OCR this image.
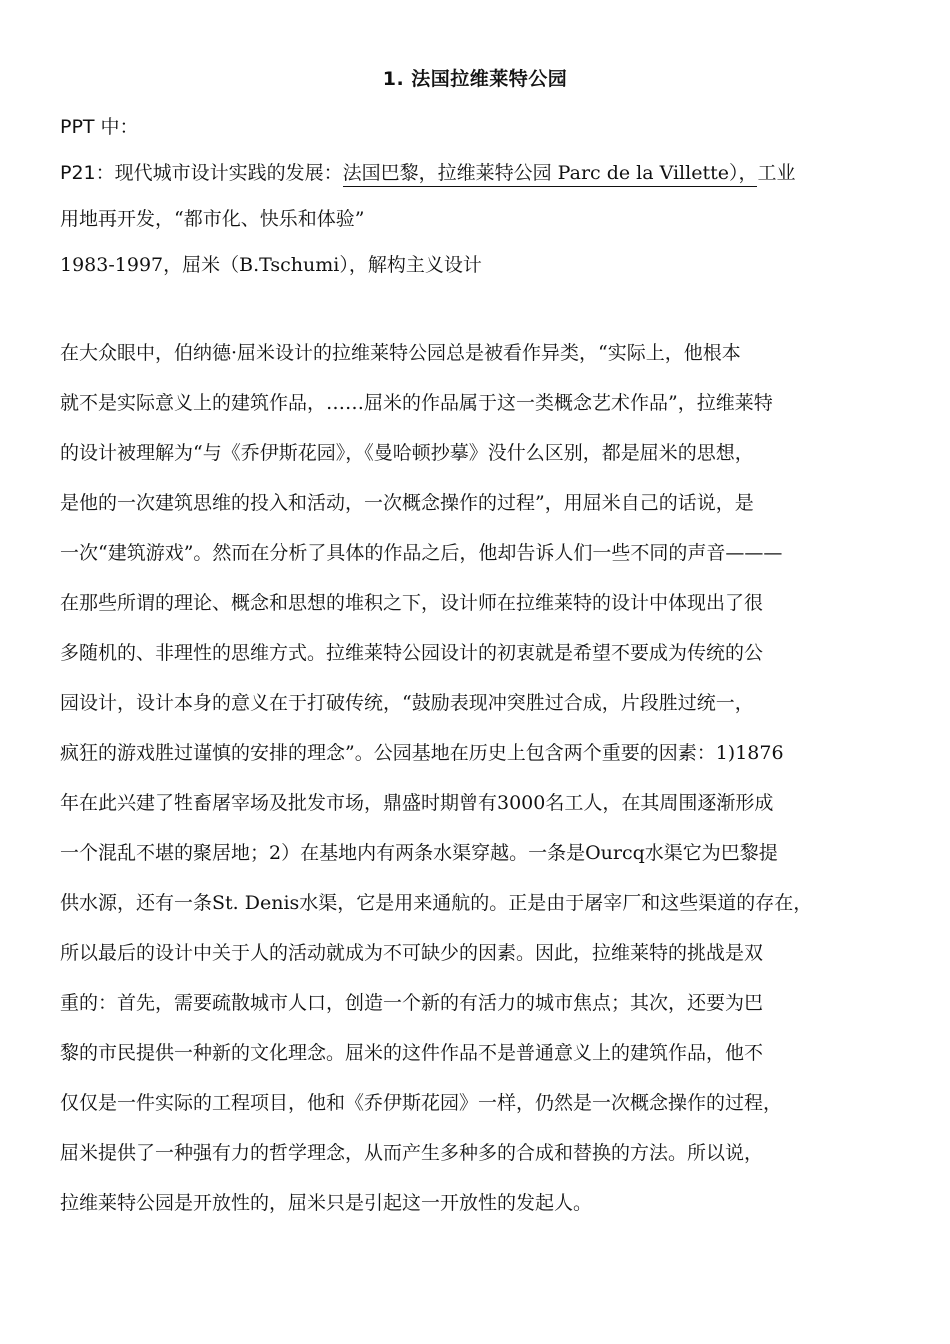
1. 法国拉维莱特公园

PPT 中：

P21：现代城市设计实践的发展：法国巴黎，拉维莱特公园 Parc de la Villette），工业

用地再开发，“都市化、快乐和体验”

1983-1997，屈米（B.Tschumi），解构主义设计

在大众眼中，伯纳德·屈米设计的拉维莱特公园总是被看作异类，“实际上，他根本
就不是实际意义上的建筑作品，……屈米的作品属于这一类概念艺术作品”，拉维莱特
的设计被理解为“与《乔伊斯花园》，《曼哈顿抄摹》没什么区别，都是屈米的思想，
是他的一次建筑思维的投入和活动，一次概念操作的过程”，用屈米自己的话说，是
一次“建筑游戏”。然而在分析了具体的作品之后，他却告诉人们一些不同的声音———
在那些所谓的理论、概念和思想的堆积之下，设计师在拉维莱特的设计中体现出了很
多随机的、非理性的思维方式。拉维莱特公园设计的初衷就是希望不要成为传统的公
园设计，设计本身的意义在于打破传统，“鼓励表现冲突胜过合成，片段胜过统一，
疯狂的游戏胜过谨慎的安排的理念”。公园基地在历史上包含两个重要的因素：1)1876
年在此兴建了牲畜屠宰场及批发市场，鼎盛时期曾有3000名工人，在其周围逐渐形成
一个混乱不堪的聚居地；2）在基地内有两条水渠穿越。一条是Ourcq水渠它为巴黎提
供水源，还有一条St. Denis水渠，它是用来通航的。正是由于屠宰厂和这些渠道的存在，
所以最后的设计中关于人的活动就成为不可缺少的因素。因此，拉维莱特的挑战是双
重的：首先，需要疏散城市人口，创造一个新的有活力的城市焦点；其次，还要为巴
黎的市民提供一种新的文化理念。屈米的这件作品不是普通意义上的建筑作品，他不
仅仅是一件实际的工程项目，他和《乔伊斯花园》一样，仍然是一次概念操作的过程，
屈米提供了一种强有力的哲学理念，从而产生多种多的合成和替换的方法。所以说，
拉维莱特公园是开放性的，屈米只是引起这一开放性的发起人。
